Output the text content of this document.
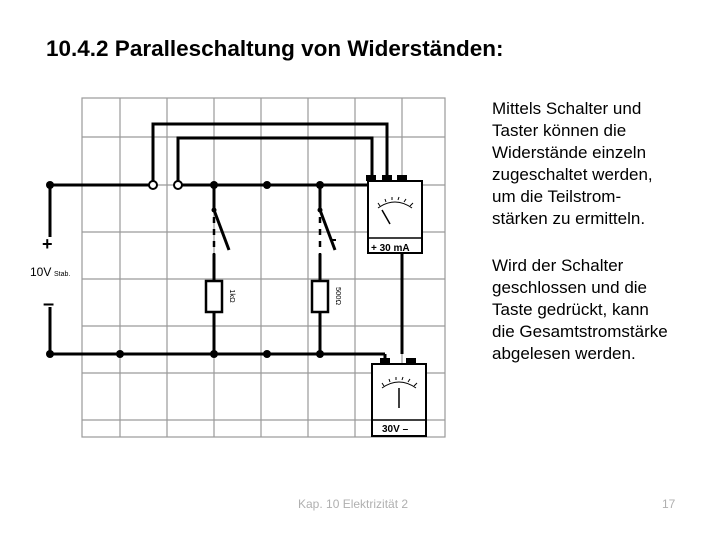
10.4.2 Paralleschaltung von Widerständen:
1kΩ	500Ω
+
10V Stab.
–
+ 30 mA
30V –
Mittels Schalter und
Taster können die
Widerstände einzeln
zugeschaltet werden,
um die Teilstrom-
stärken zu ermitteln.
Wird der Schalter
geschlossen und die
Taste gedrückt, kann
die Gesamtstromstärke
abgelesen werden.
Kap. 10 Elektrizität 2	17
